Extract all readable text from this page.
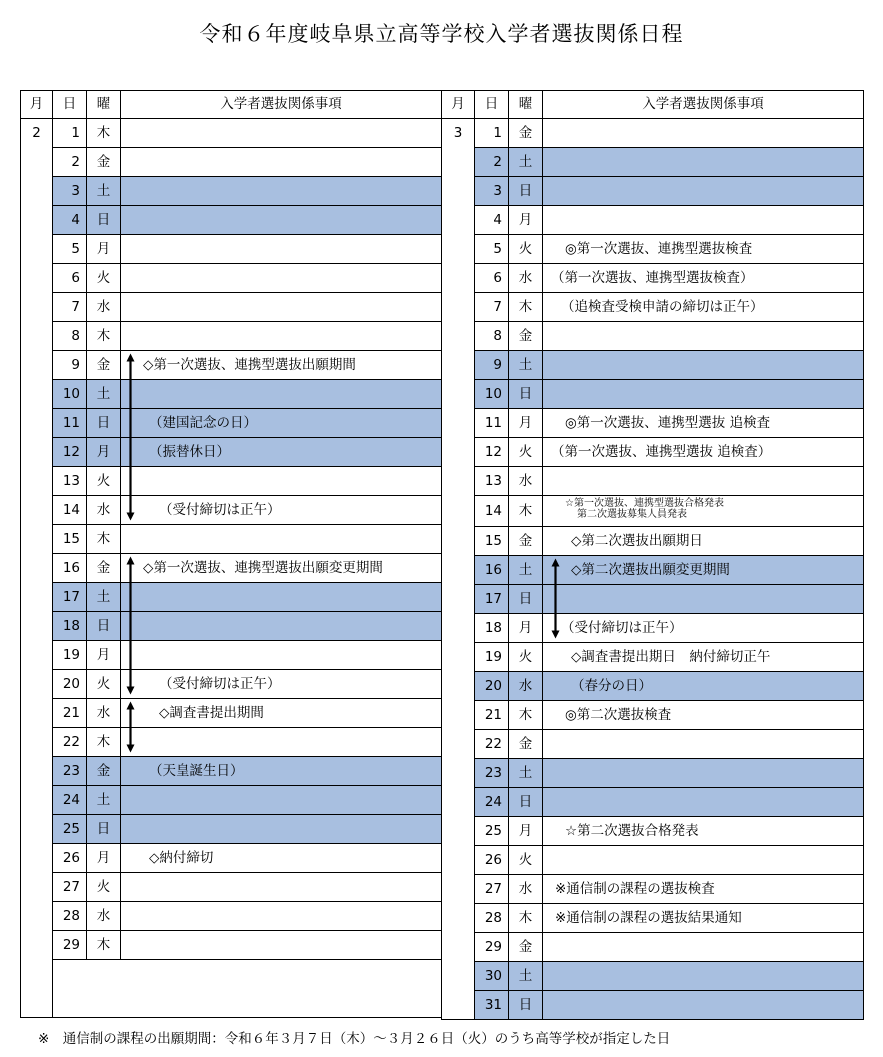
令和６年度岐阜県立高等学校入学者選抜関係日程
月	日	曜	入学者選抜関係事項
2	1	木	
	2	金	
	3	土	
	4	日	
	5	月	
	6	火	
	7	水	
	8	木	
	9	金	◇第一次選抜、連携型選抜出願期間
	10	土	
	11	日	（建国記念の日）
	12	月	（振替休日）
	13	火	
	14	水	（受付締切は正午）
	15	木	
	16	金	◇第一次選抜、連携型選抜出願変更期間
	17	土	
	18	日	
	19	月	
	20	火	（受付締切は正午）
	21	水	◇調査書提出期間
	22	木	
	23	金	（天皇誕生日）
	24	土	
	25	日	
	26	月	◇納付締切
	27	火	
	28	水	
	29	木	

月	日	曜	入学者選抜関係事項
3	1	金	
	2	土	
	3	日	
	4	月	
	5	火	◎第一次選抜、連携型選抜検査
	6	水	（第一次選抜、連携型選抜検査）
	7	木	（追検査受検申請の締切は正午）
	8	金	
	9	土	
	10	日	
	11	月	◎第一次選抜、連携型選抜 追検査
	12	火	（第一次選抜、連携型選抜 追検査）
	13	水	
	14	木	☆第一次選抜、連携型選抜合格発表
第二次選抜募集人員発表

	15	金	◇第二次選抜出願期日
	16	土	◇第二次選抜出願変更期間
	17	日	
	18	月	（受付締切は正午）
	19	火	◇調査書提出期日　納付締切正午
	20	水	（春分の日）
	21	木	◎第二次選抜検査
	22	金	
	23	土	
	24	日	
	25	月	☆第二次選抜合格発表
	26	火	
	27	水	※通信制の課程の選抜検査
	28	木	※通信制の課程の選抜結果通知
	29	金	
	30	土	
	31	日	
※　通信制の課程の出願期間：令和６年３月７日（木）～３月２６日（火）のうち高等学校が指定した日
